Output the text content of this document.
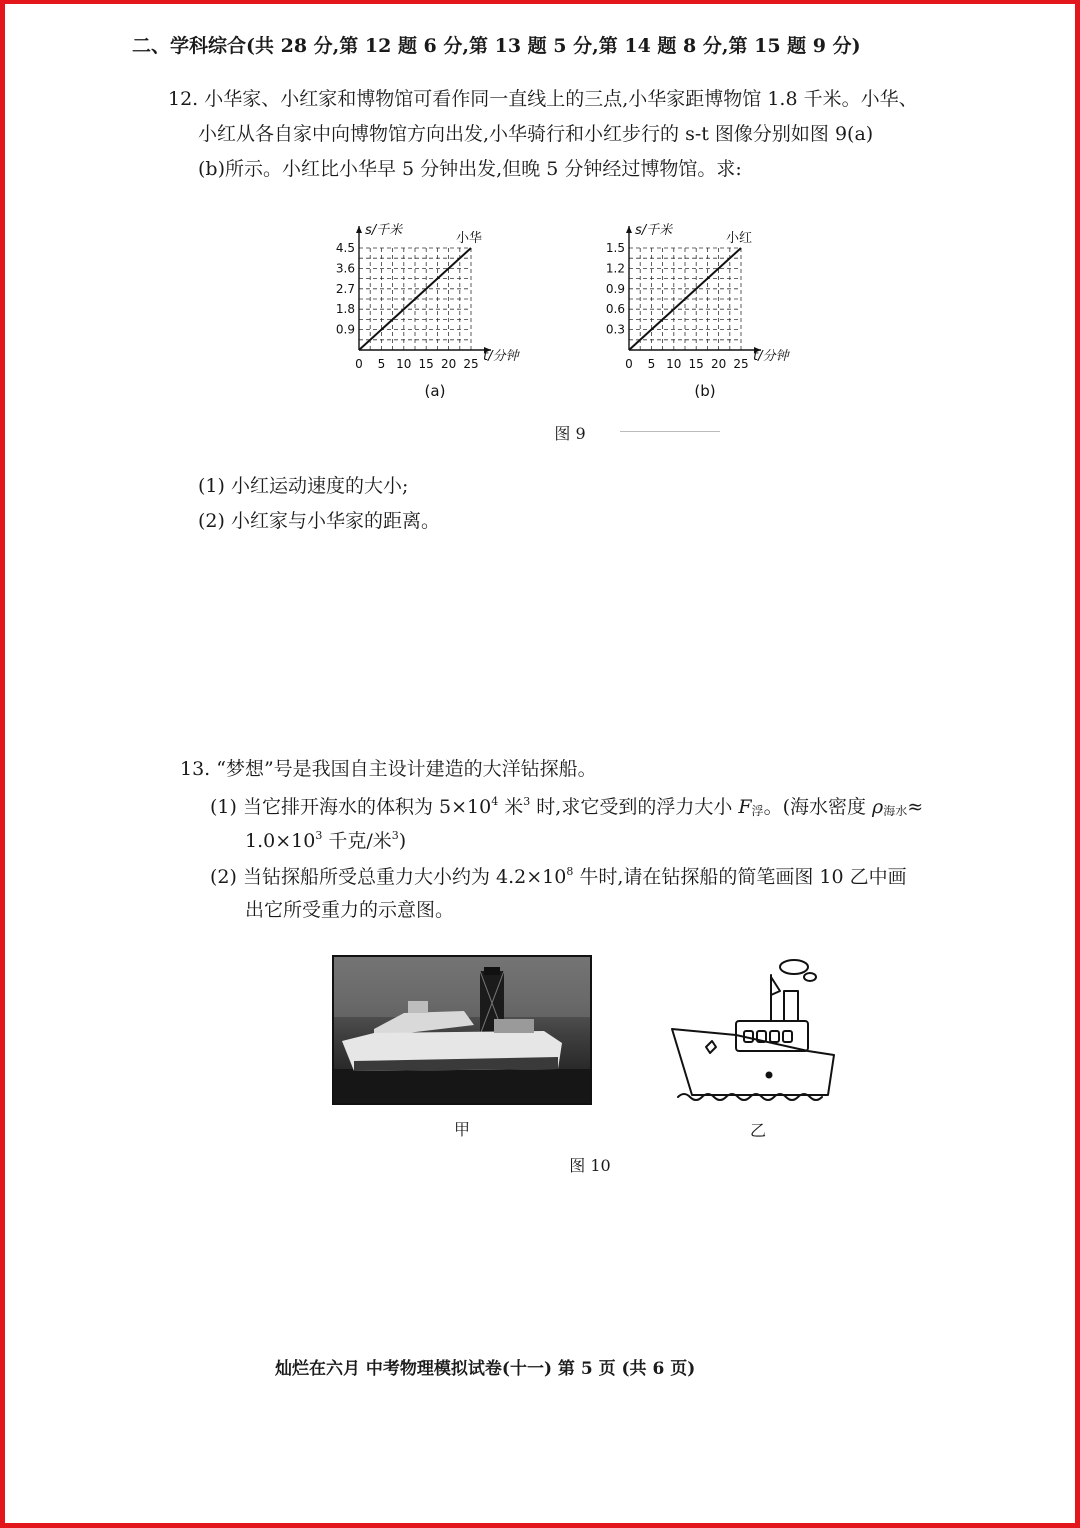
二、学科综合(共 28 分,第 12 题 6 分,第 13 题 5 分,第 14 题 8 分,第 15 题 9 分)
12. 小华家、小红家和博物馆可看作同一直线上的三点,小华家距博物馆 1.8 千米。小华、
小红从各自家中向博物馆方向出发,小华骑行和小红步行的 s-t 图像分别如图 9(a)
(b)所示。小红比小华早 5 分钟出发,但晚 5 分钟经过博物馆。求:
s/千米
t/分钟
0 5 10 15 20 25
0.9
1.8
2.7
3.6
4.5
小华
(a)
s/千米
t/分钟
0 5 10 15 20 25
0.3
0.6
0.9
1.2
1.5
小红
(b)
图 9
(1) 小红运动速度的大小;
(2) 小红家与小华家的距离。
13. “梦想”号是我国自主设计建造的大洋钻探船。
(1) 当它排开海水的体积为 $5\times 10^4$ 米$^3$ 时,求它受到的浮力大小 F浮。(海水密度 ρ海水≈
$1.0\times 10^3$ 千克/米$^3$)
(2) 当钻探船所受总重力大小约为 $4.2\times 10^8$ 牛时,请在钻探船的简笔画图 10 乙中画
出它所受重力的示意图。
甲	乙
图 10
灿烂在六月 中考物理模拟试卷(十一) 第 5 页 (共 6 页)
